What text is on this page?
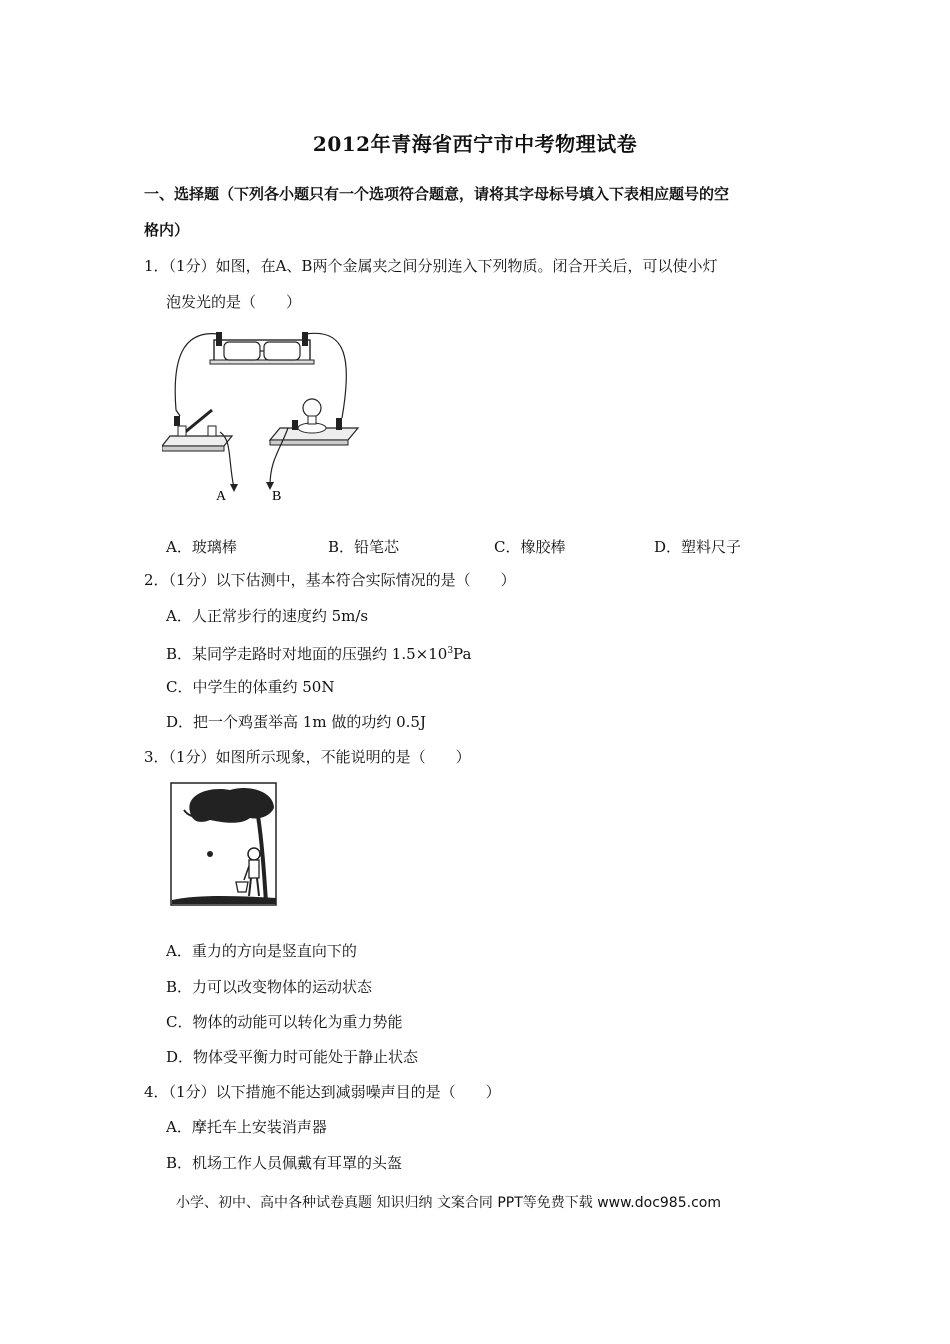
2012年青海省西宁市中考物理试卷
一、选择题（下列各小题只有一个选项符合题意，请将其字母标号填入下表相应题号的空
格内）
1．（1分）如图，在A、B两个金属夹之间分别连入下列物质。闭合开关后，可以使小灯
泡发光的是（　　）
A	B
A．玻璃棒	B．铅笔芯	C．橡胶棒	D．塑料尺子
2．（1分）以下估测中，基本符合实际情况的是（　　）
A．人正常步行的速度约 5m/s
B．某同学走路时对地面的压强约 $1.5\times 10^3Pa$
C．中学生的体重约 50N
D．把一个鸡蛋举高 1m 做的功约 0.5J
3．（1分）如图所示现象，不能说明的是（　　）
A．重力的方向是竖直向下的
B．力可以改变物体的运动状态
C．物体的动能可以转化为重力势能
D．物体受平衡力时可能处于静止状态
4．（1分）以下措施不能达到减弱噪声目的是（　　）
A．摩托车上安装消声器
B．机场工作人员佩戴有耳罩的头盔
小学、初中、高中各种试卷真题 知识归纳 文案合同 PPT等免费下载 www.doc985.com
